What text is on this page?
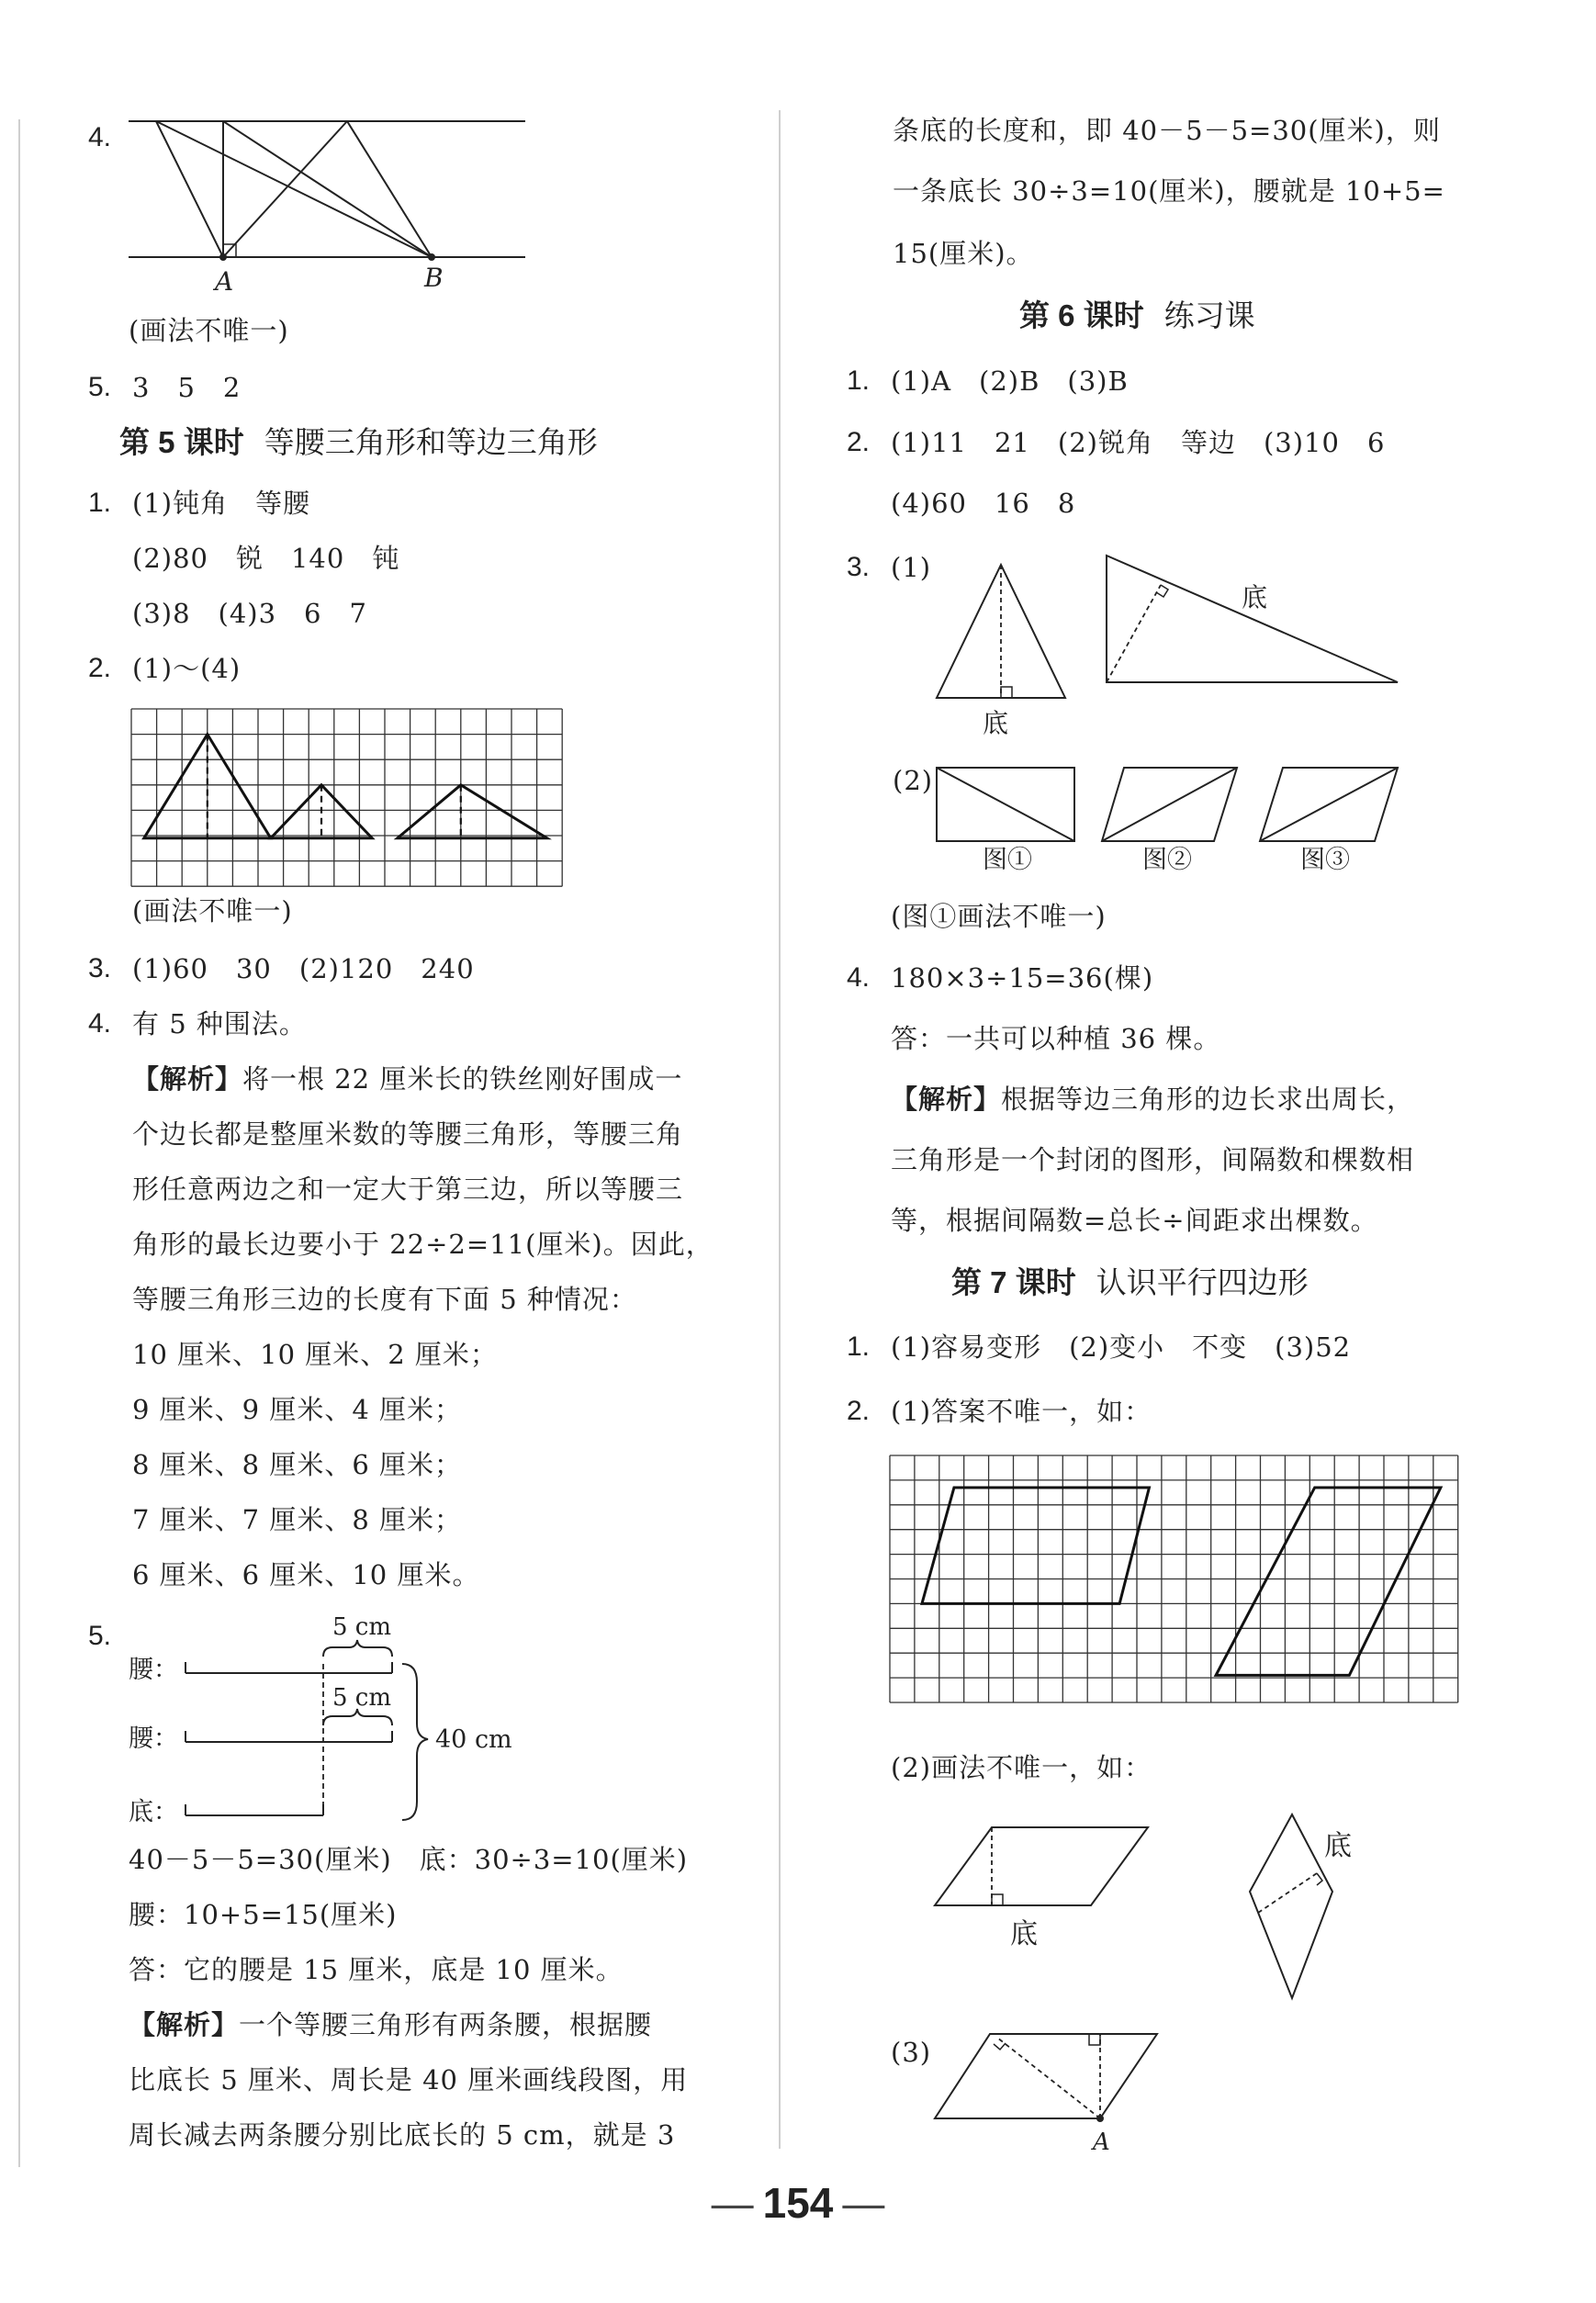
4.
A	B
(画法不唯一)
5. 3　5　2
第 5 课时 等腰三角形和等边三角形
1. (1)钝角　等腰
(2)80　锐　140　钝
(3)8　(4)3　6　7
2. (1)～(4)
(画法不唯一)
3. (1)60　30　(2)120　240
4. 有 5 种围法。
【解析】将一根 22 厘米长的铁丝刚好围成一
个边长都是整厘米数的等腰三角形，等腰三角
形任意两边之和一定大于第三边，所以等腰三
角形的最长边要小于 22÷2=11(厘米)。因此，
等腰三角形三边的长度有下面 5 种情况：
10 厘米、10 厘米、2 厘米；
9 厘米、9 厘米、4 厘米；
8 厘米、8 厘米、6 厘米；
7 厘米、7 厘米、8 厘米；
6 厘米、6 厘米、10 厘米。
5.
腰：
腰：
底：
5 cm
5 cm
40 cm
40－5－5=30(厘米)　底：30÷3=10(厘米)
腰：10+5=15(厘米)
答：它的腰是 15 厘米，底是 10 厘米。
【解析】一个等腰三角形有两条腰，根据腰
比底长 5 厘米、周长是 40 厘米画线段图，用
周长减去两条腰分别比底长的 5 cm，就是 3
条底的长度和，即 40－5－5=30(厘米)，则
一条底长 30÷3=10(厘米)，腰就是 10+5=
15(厘米)。
第 6 课时 练习课
1. (1)A　(2)B　(3)B
2. (1)11　21　(2)锐角　等边　(3)10　6
(4)60　16　8
3. (1)
底
底
(2)
图①	图②	图③
(图①画法不唯一)
4. 180×3÷15=36(棵)
答：一共可以种植 36 棵。
【解析】根据等边三角形的边长求出周长，
三角形是一个封闭的图形，间隔数和棵数相
等，根据间隔数=总长÷间距求出棵数。
第 7 课时 认识平行四边形
1. (1)容易变形　(2)变小　不变　(3)52
2. (1)答案不唯一，如：
(2)画法不唯一，如：
底
底
(3)
A
— 154 —
